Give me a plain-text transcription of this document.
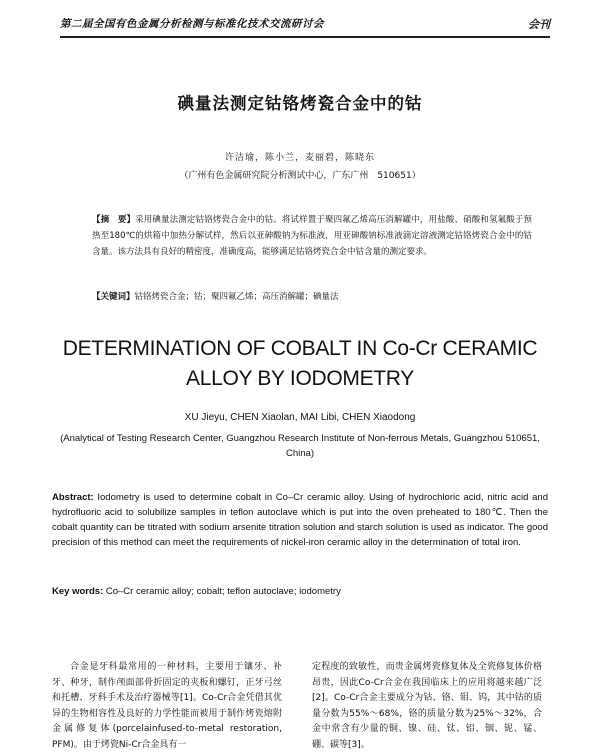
第二届全国有色金属分析检测与标准化技术交流研讨会	会刊
碘量法测定钴铬烤瓷合金中的钴
许洁瑜，陈小兰，麦丽碧，陈晓东
（广州有色金属研究院分析测试中心，广东广州　510651）
【摘　要】采用碘量法测定钴铬烤瓷合金中的钴。将试样置于聚四氟乙烯高压消解罐中，用盐酸、硝酸和氢氟酸于预热至180℃的烘箱中加热分解试样，然后以亚砷酸钠为标准液，用亚砷酸钠标准液滴定溶液测定钴铬烤瓷合金中的钴含量。该方法具有良好的精密度，准确度高，能够满足钴铬烤瓷合金中钴含量的测定要求。
【关键词】钴铬烤瓷合金；钴；聚四氟乙烯；高压消解罐；碘量法
DETERMINATION OF COBALT IN Co-Cr CERAMIC
ALLOY BY IODOMETRY
XU Jieyu, CHEN Xiaolan, MAI Libi, CHEN Xiaodong
(Analytical of Testing Research Center, Guangzhou Research Institute of Non-ferrous Metals, Guangzhou 510651, China)
Abstract: Iodometry is used to determine cobalt in Co–Cr ceramic alloy. Using of hydrochloric acid, nitric acid and hydrofluoric acid to solubilize samples in teflon autoclave which is put into the oven preheated to 180℃. Then the cobalt quantity can be titrated with sodium arsenite titration solution and starch solution is used as indicator. The good precision of this method can meet the requirements of nickel-iron ceramic alloy in the determination of total iron.
Key words: Co–Cr ceramic alloy; cobalt; teflon autoclave; iodometry
合金是牙科最常用的一种材料，主要用于镶牙、补牙、种牙，制作颅面部骨折固定的夹板和螺钉，正牙弓丝和托槽、牙科手术及治疗器械等[1]。Co-Cr合金凭借其优异的生物相容性及良好的力学性能而被用于制作烤瓷熔附金属修复体(porcelainfused-to-metal restoration, PFM)。由于烤瓷Ni-Cr合金具有一
定程度的致敏性，而贵金属烤瓷修复体及全瓷修复体价格昂贵，因此Co-Cr合金在我国临床上的应用将越来越广泛[2]。Co-Cr合金主要成分为钴、铬、钼、钨，其中钴的质量分数为55%～68%，铬的质量分数为25%～32%，合金中常含有少量的铜、镍、硅、钛、铝、铟、铌、锰、硼、碳等[3]。
